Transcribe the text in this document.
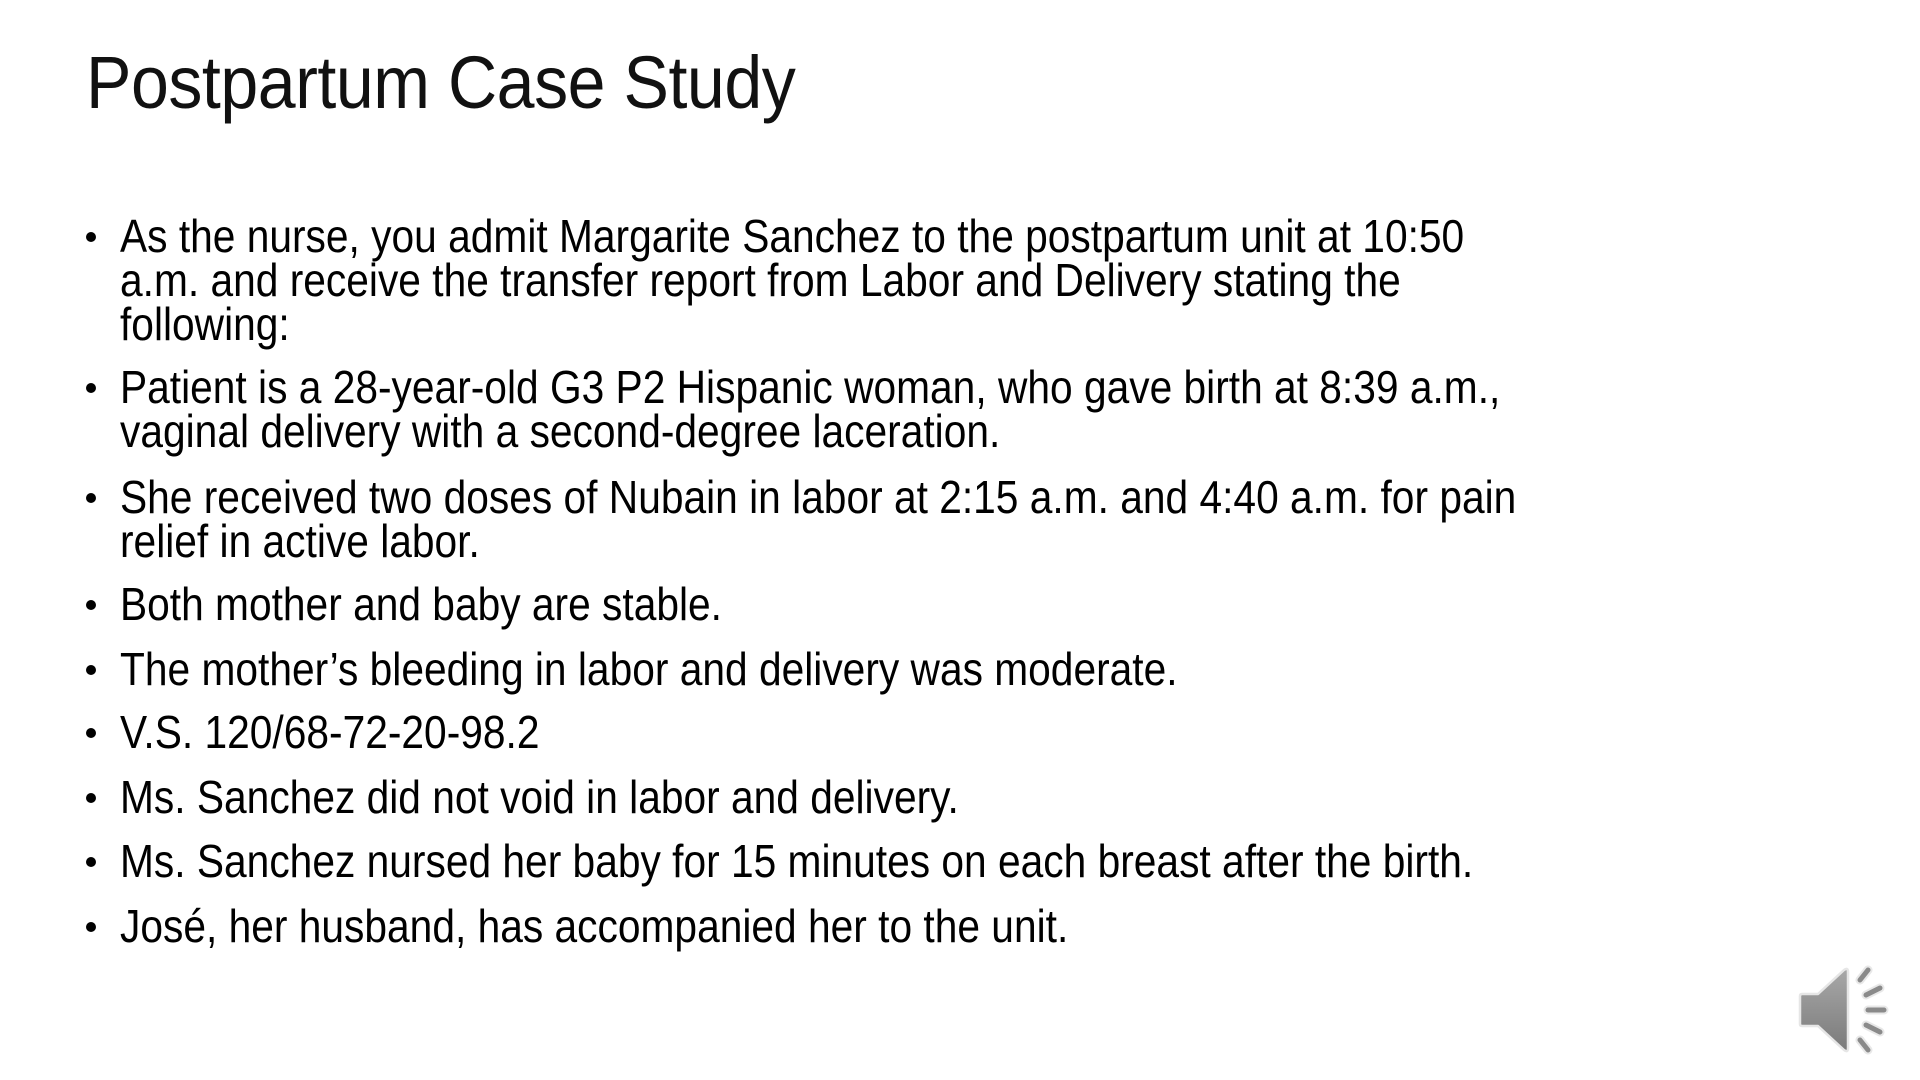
Postpartum Case Study
As the nurse, you admit Margarite Sanchez to the postpartum unit at 10:50
a.m. and receive the transfer report from Labor and Delivery stating the
following:
Patient is a 28-year-old G3 P2 Hispanic woman, who gave birth at 8:39 a.m.,
vaginal delivery with a second-degree laceration.
She received two doses of Nubain in labor at 2:15 a.m. and 4:40 a.m. for pain
relief in active labor.
Both mother and baby are stable.
The mother’s bleeding in labor and delivery was moderate.
V.S. 120/68-72-20-98.2
Ms. Sanchez did not void in labor and delivery.
Ms. Sanchez nursed her baby for 15 minutes on each breast after the birth.
José, her husband, has accompanied her to the unit.
